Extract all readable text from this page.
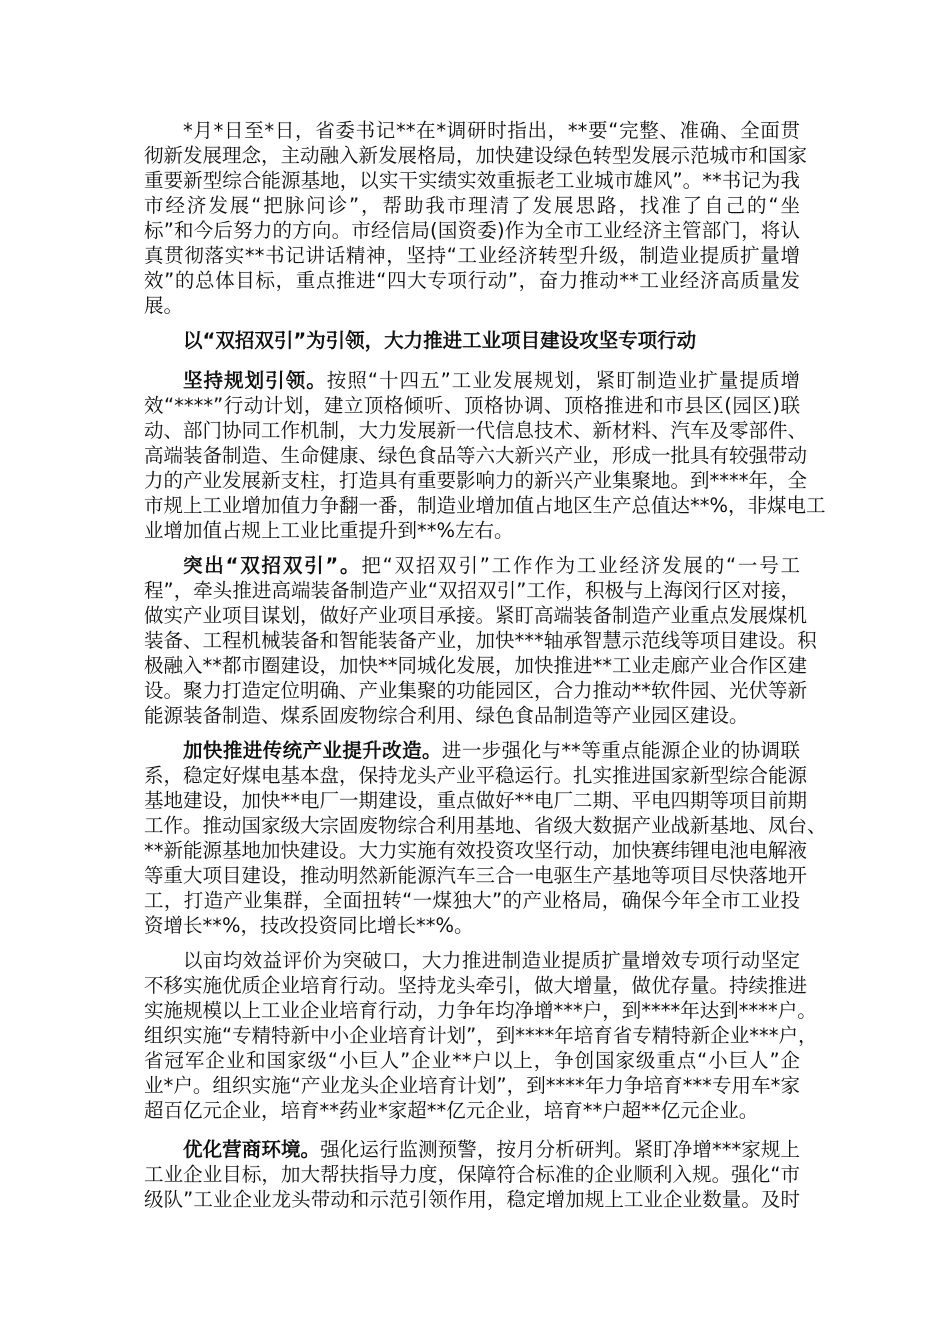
*月*日至*日，省委书记**在*调研时指出，**要“完整、准确、全面贯
彻新发展理念，主动融入新发展格局，加快建设绿色转型发展示范城市和国家
重要新型综合能源基地，以实干实绩实效重振老工业城市雄风”。**书记为我
市经济发展“把脉问诊”，帮助我市理清了发展思路，找准了自己的“坐
标”和今后努力的方向。市经信局(国资委)作为全市工业经济主管部门，将认
真贯彻落实**书记讲话精神，坚持“工业经济转型升级，制造业提质扩量增
效”的总体目标，重点推进“四大专项行动”，奋力推动**工业经济高质量发
展。
以“双招双引”为引领，大力推进工业项目建设攻坚专项行动
坚持规划引领。按照“十四五”工业发展规划，紧盯制造业扩量提质增
效“****”行动计划，建立顶格倾听、顶格协调、顶格推进和市县区(园区)联
动、部门协同工作机制，大力发展新一代信息技术、新材料、汽车及零部件、
高端装备制造、生命健康、绿色食品等六大新兴产业，形成一批具有较强带动
力的产业发展新支柱，打造具有重要影响力的新兴产业集聚地。到****年，全
市规上工业增加值力争翻一番，制造业增加值占地区生产总值达**%，非煤电工
业增加值占规上工业比重提升到**%左右。
突出“双招双引”。把“双招双引”工作作为工业经济发展的“一号工
程”，牵头推进高端装备制造产业“双招双引”工作，积极与上海闵行区对接，
做实产业项目谋划，做好产业项目承接。紧盯高端装备制造产业重点发展煤机
装备、工程机械装备和智能装备产业，加快***轴承智慧示范线等项目建设。积
极融入**都市圈建设，加快**同城化发展，加快推进**工业走廊产业合作区建
设。聚力打造定位明确、产业集聚的功能园区，合力推动**软件园、光伏等新
能源装备制造、煤系固废物综合利用、绿色食品制造等产业园区建设。
加快推进传统产业提升改造。进一步强化与**等重点能源企业的协调联
系，稳定好煤电基本盘，保持龙头产业平稳运行。扎实推进国家新型综合能源
基地建设，加快**电厂一期建设，重点做好**电厂二期、平电四期等项目前期
工作。推动国家级大宗固废物综合利用基地、省级大数据产业战新基地、凤台、
**新能源基地加快建设。大力实施有效投资攻坚行动，加快赛纬锂电池电解液
等重大项目建设，推动明然新能源汽车三合一电驱生产基地等项目尽快落地开
工，打造产业集群，全面扭转“一煤独大”的产业格局，确保今年全市工业投
资增长**%，技改投资同比增长**%。
以亩均效益评价为突破口，大力推进制造业提质扩量增效专项行动坚定
不移实施优质企业培育行动。坚持龙头牵引，做大增量，做优存量。持续推进
实施规模以上工业企业培育行动，力争年均净增***户，到****年达到****户。
组织实施“专精特新中小企业培育计划”，到****年培育省专精特新企业***户，
省冠军企业和国家级“小巨人”企业**户以上，争创国家级重点“小巨人”企
业*户。组织实施“产业龙头企业培育计划”，到****年力争培育***专用车*家
超百亿元企业，培育**药业*家超**亿元企业，培育**户超**亿元企业。
优化营商环境。强化运行监测预警，按月分析研判。紧盯净增***家规上
工业企业目标，加大帮扶指导力度，保障符合标准的企业顺利入规。强化“市
级队”工业企业龙头带动和示范引领作用，稳定增加规上工业企业数量。及时
